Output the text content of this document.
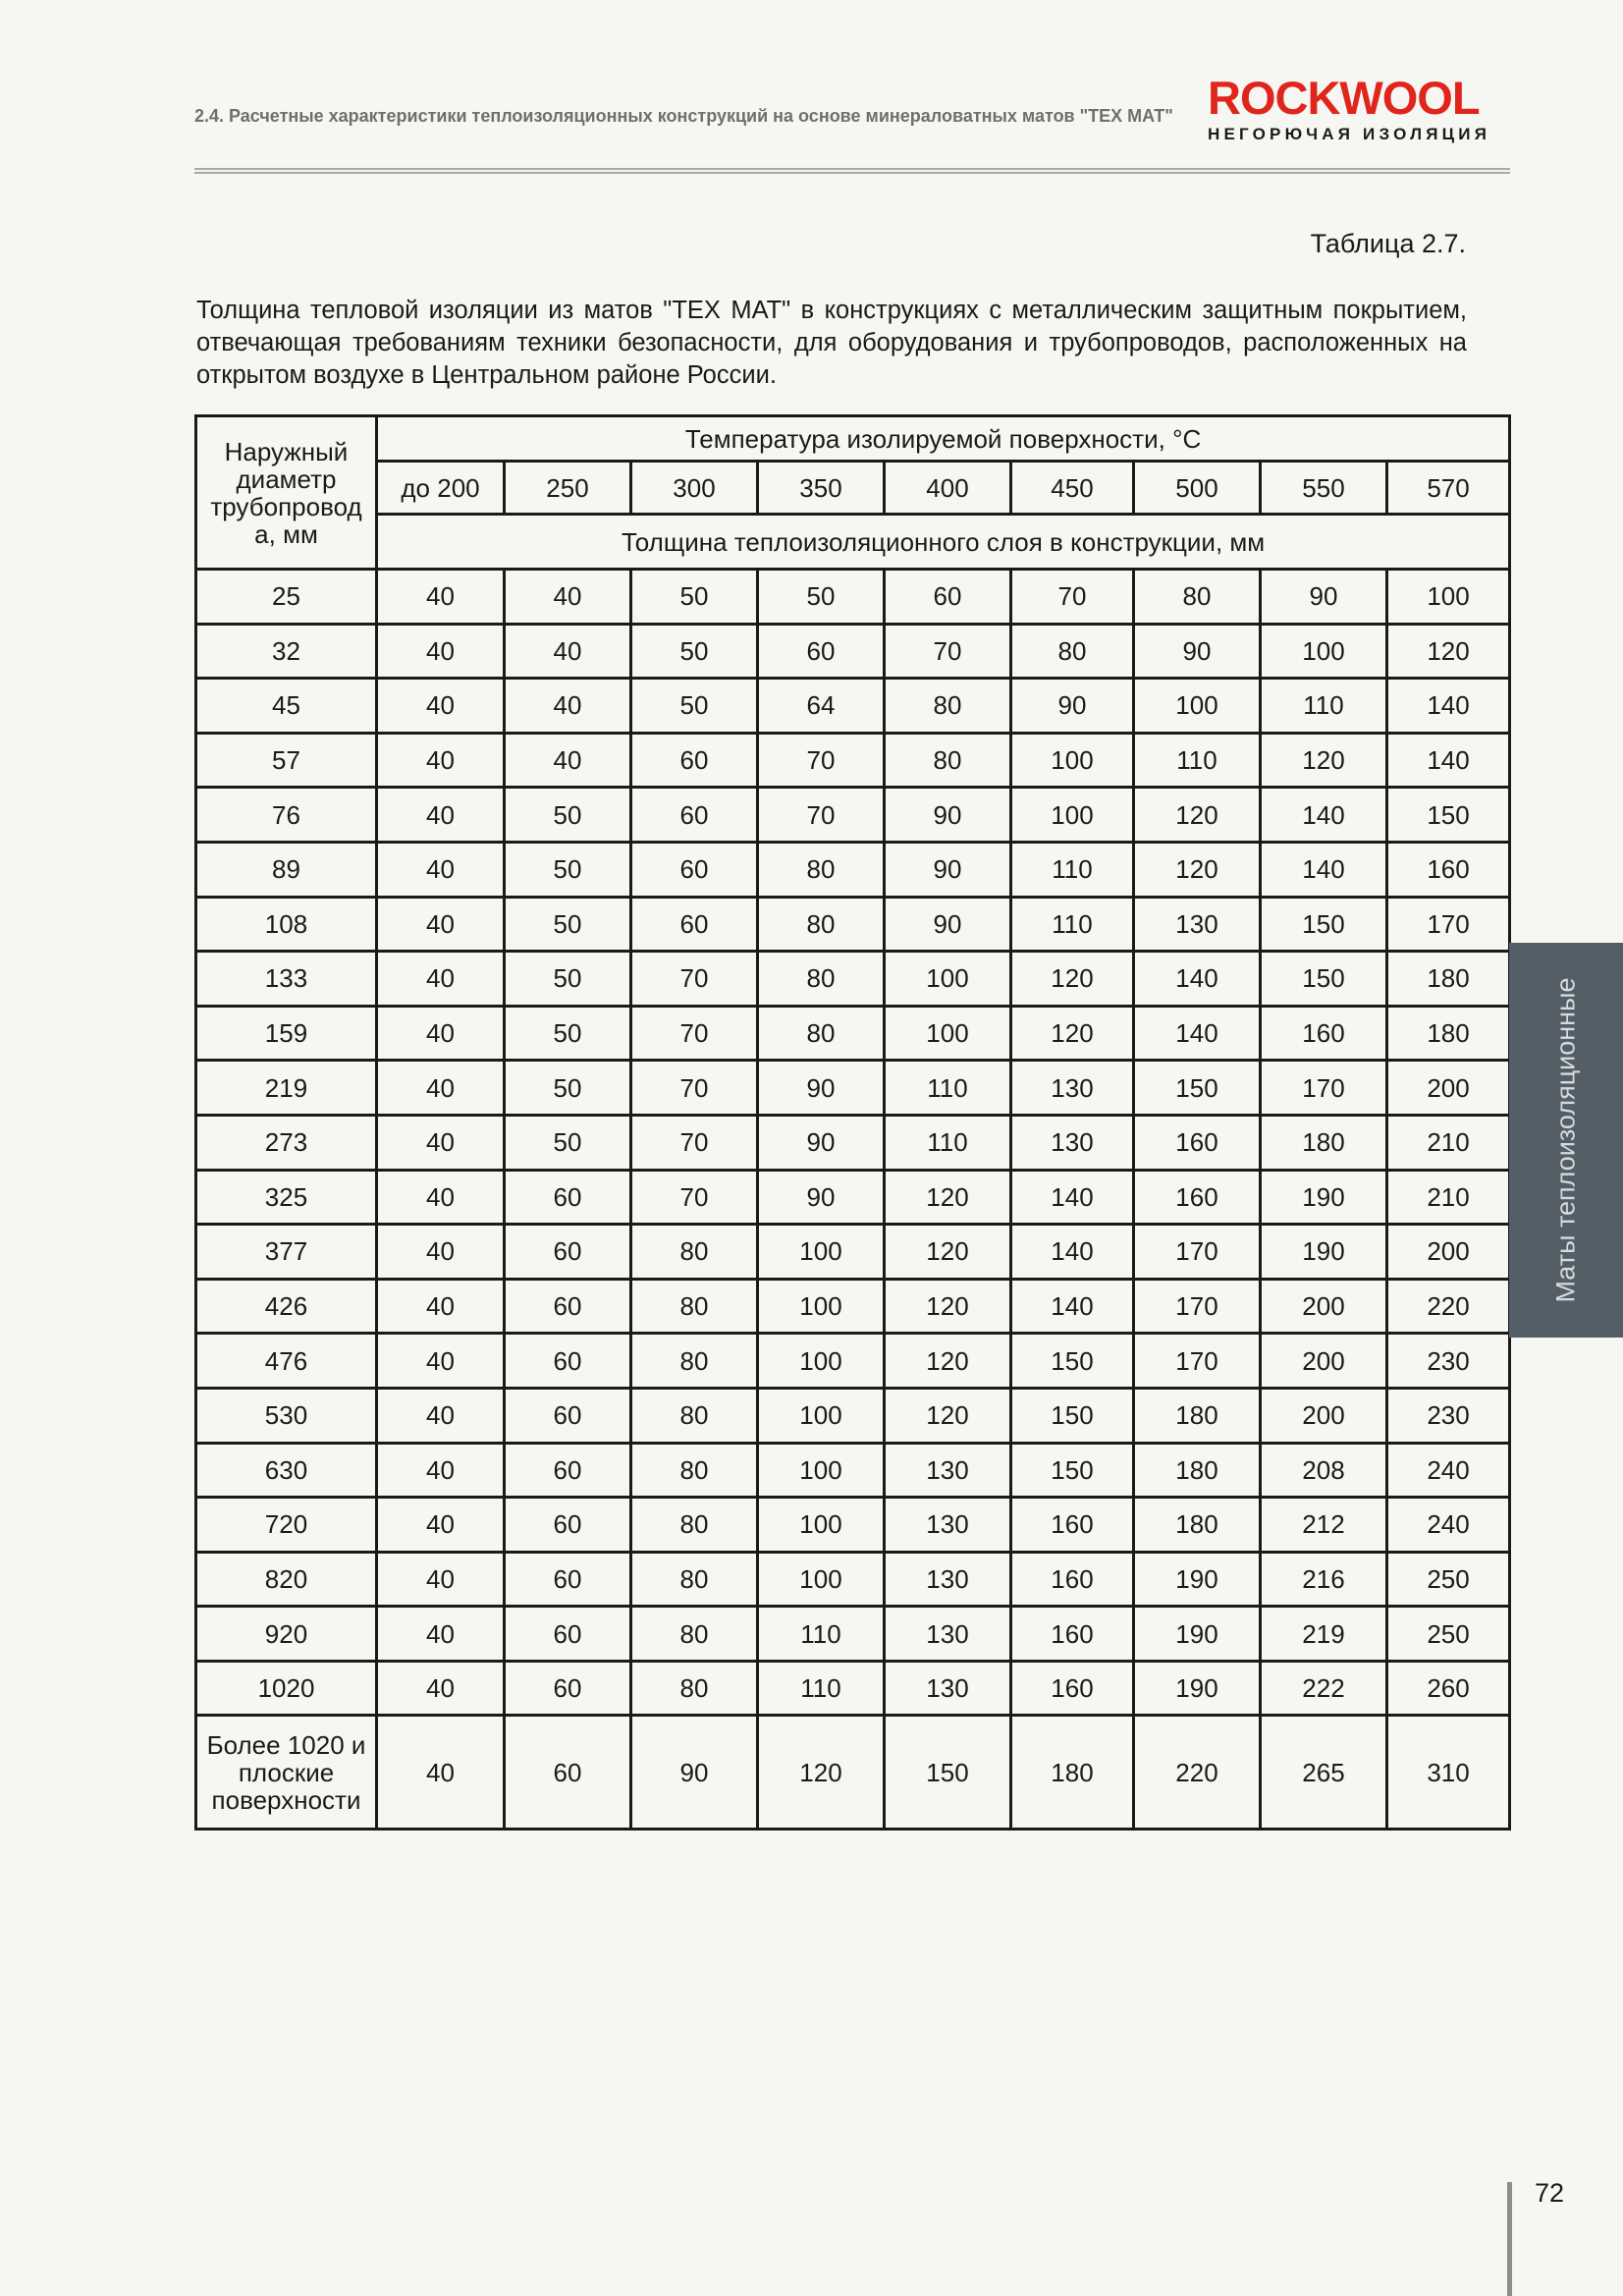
2.4. Расчетные характеристики теплоизоляционных конструкций на основе минераловатных матов "ТЕХ МАТ" ROCKWOOL
НЕГОРЮЧАЯ ИЗОЛЯЦИЯ
Таблица 2.7.
Толщина тепловой изоляции из матов "ТЕХ МАТ" в конструкциях с металлическим защитным покрытием, отвечающая требованиям техники безопасности, для оборудования и трубопроводов, расположенных на открытом воздухе в Центральном районе России.
Наружный диаметр трубопровод а, мм	Температура изолируемой поверхности, °С								
	до 200	250	300	350	400	450	500	550	570
	Толщина теплоизоляционного слоя в конструкции, мм								
25	40	40	50	50	60	70	80	90	100
32	40	40	50	60	70	80	90	100	120
45	40	40	50	64	80	90	100	110	140
57	40	40	60	70	80	100	110	120	140
76	40	50	60	70	90	100	120	140	150
89	40	50	60	80	90	110	120	140	160
108	40	50	60	80	90	110	130	150	170
133	40	50	70	80	100	120	140	150	180
159	40	50	70	80	100	120	140	160	180
219	40	50	70	90	110	130	150	170	200
273	40	50	70	90	110	130	160	180	210
325	40	60	70	90	120	140	160	190	210
377	40	60	80	100	120	140	170	190	200
426	40	60	80	100	120	140	170	200	220
476	40	60	80	100	120	150	170	200	230
530	40	60	80	100	120	150	180	200	230
630	40	60	80	100	130	150	180	208	240
720	40	60	80	100	130	160	180	212	240
820	40	60	80	100	130	160	190	216	250
920	40	60	80	110	130	160	190	219	250
1020	40	60	80	110	130	160	190	222	260
Более 1020 и плоские поверхности	40	60	90	120	150	180	220	265	310
Маты теплоизоляционные
72
